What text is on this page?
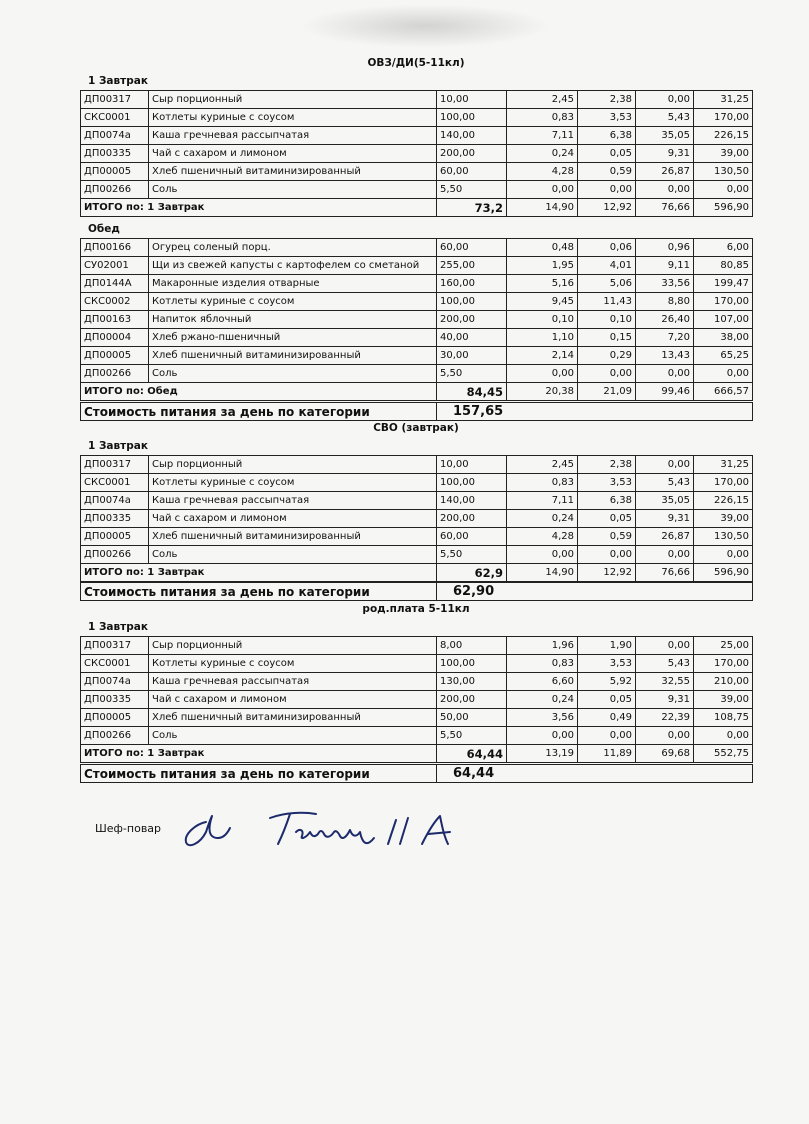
ОВЗ/ДИ(5-11кл)
1 Завтрак
ДП00317	Сыр порционный	10,00	2,45	2,38	0,00	31,25
СКС0001	Котлеты куриные с соусом	100,00	0,83	3,53	5,43	170,00
ДП0074а	Каша гречневая рассыпчатая	140,00	7,11	6,38	35,05	226,15
ДП00335	Чай с сахаром и лимоном	200,00	0,24	0,05	9,31	39,00
ДП00005	Хлеб пшеничный витаминизированный	60,00	4,28	0,59	26,87	130,50
ДП00266	Соль	5,50	0,00	0,00	0,00	0,00
ИТОГО по: 1 Завтрак		73,2	14,90	12,92	76,66	596,90
Обед
ДП00166	Огурец соленый порц.	60,00	0,48	0,06	0,96	6,00
СУ02001	Щи из свежей капусты с картофелем со сметаной	255,00	1,95	4,01	9,11	80,85
ДП0144А	Макаронные изделия отварные	160,00	5,16	5,06	33,56	199,47
СКС0002	Котлеты куриные с соусом	100,00	9,45	11,43	8,80	170,00
ДП00163	Напиток яблочный	200,00	0,10	0,10	26,40	107,00
ДП00004	Хлеб ржано-пшеничный	40,00	1,10	0,15	7,20	38,00
ДП00005	Хлеб пшеничный витаминизированный	30,00	2,14	0,29	13,43	65,25
ДП00266	Соль	5,50	0,00	0,00	0,00	0,00
ИТОГО по: Обед		84,45	20,38	21,09	99,46	666,57
Стоимость питания за день по категории	157,65
СВО (завтрак)
1 Завтрак
ДП00317	Сыр порционный	10,00	2,45	2,38	0,00	31,25
СКС0001	Котлеты куриные с соусом	100,00	0,83	3,53	5,43	170,00
ДП0074а	Каша гречневая рассыпчатая	140,00	7,11	6,38	35,05	226,15
ДП00335	Чай с сахаром и лимоном	200,00	0,24	0,05	9,31	39,00
ДП00005	Хлеб пшеничный витаминизированный	60,00	4,28	0,59	26,87	130,50
ДП00266	Соль	5,50	0,00	0,00	0,00	0,00
ИТОГО по: 1 Завтрак		62,9	14,90	12,92	76,66	596,90
Стоимость питания за день по категории	62,90
род.плата 5-11кл
1 Завтрак
ДП00317	Сыр порционный	8,00	1,96	1,90	0,00	25,00
СКС0001	Котлеты куриные с соусом	100,00	0,83	3,53	5,43	170,00
ДП0074а	Каша гречневая рассыпчатая	130,00	6,60	5,92	32,55	210,00
ДП00335	Чай с сахаром и лимоном	200,00	0,24	0,05	9,31	39,00
ДП00005	Хлеб пшеничный витаминизированный	50,00	3,56	0,49	22,39	108,75
ДП00266	Соль	5,50	0,00	0,00	0,00	0,00
ИТОГО по: 1 Завтрак		64,44	13,19	11,89	69,68	552,75
Стоимость питания за день по категории	64,44
Шеф-повар
